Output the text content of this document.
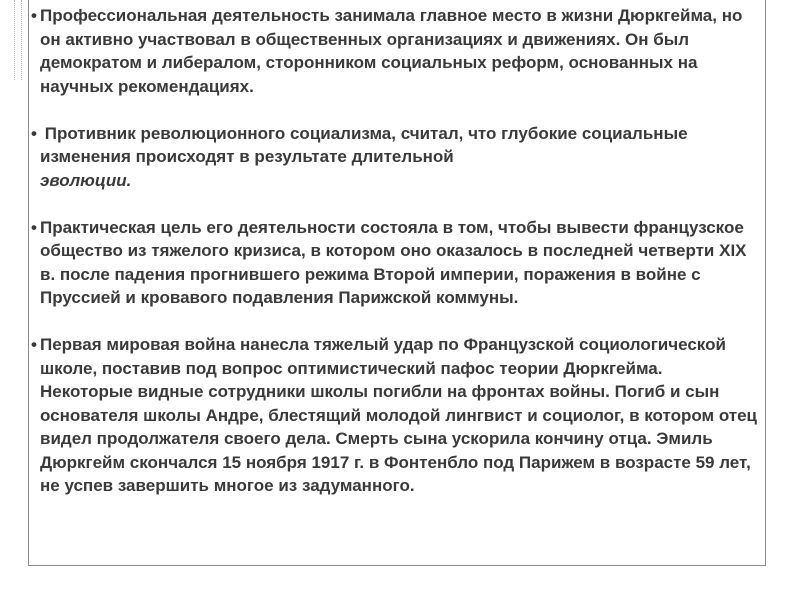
• Профессиональная деятельность занимала главное место в жизни Дюркгейма, но он активно участвовал в общественных организациях и движениях. Он был демократом и либералом, сторонником социальных реформ, основанных на научных рекомендациях.

• Противник революционного социализма, считал, что глубокие социальные изменения происходят в результате длительной
эволюции.

• Практическая цель его деятельности состояла в том, чтобы вывести французское общество из тяжелого кризиса, в котором оно оказалось в последней четверти XIX в. после падения прогнившего режима Второй империи, поражения в войне с Пруссией и кровавого подавления Парижской коммуны.

• Первая мировая война нанесла тяжелый удар по Французской социологической школе, поставив под вопрос оптимистический пафос теории Дюркгейма. Некоторые видные сотрудники школы погибли на фронтах войны. Погиб и сын основателя школы Андре, блестящий молодой лингвист и социолог, в котором отец видел продолжателя своего дела. Смерть сына ускорила кончину отца. Эмиль Дюркгейм скончался 15 ноября 1917 г. в Фонтенбло под Парижем в возрасте 59 лет, не успев завершить многое из задуманного.
